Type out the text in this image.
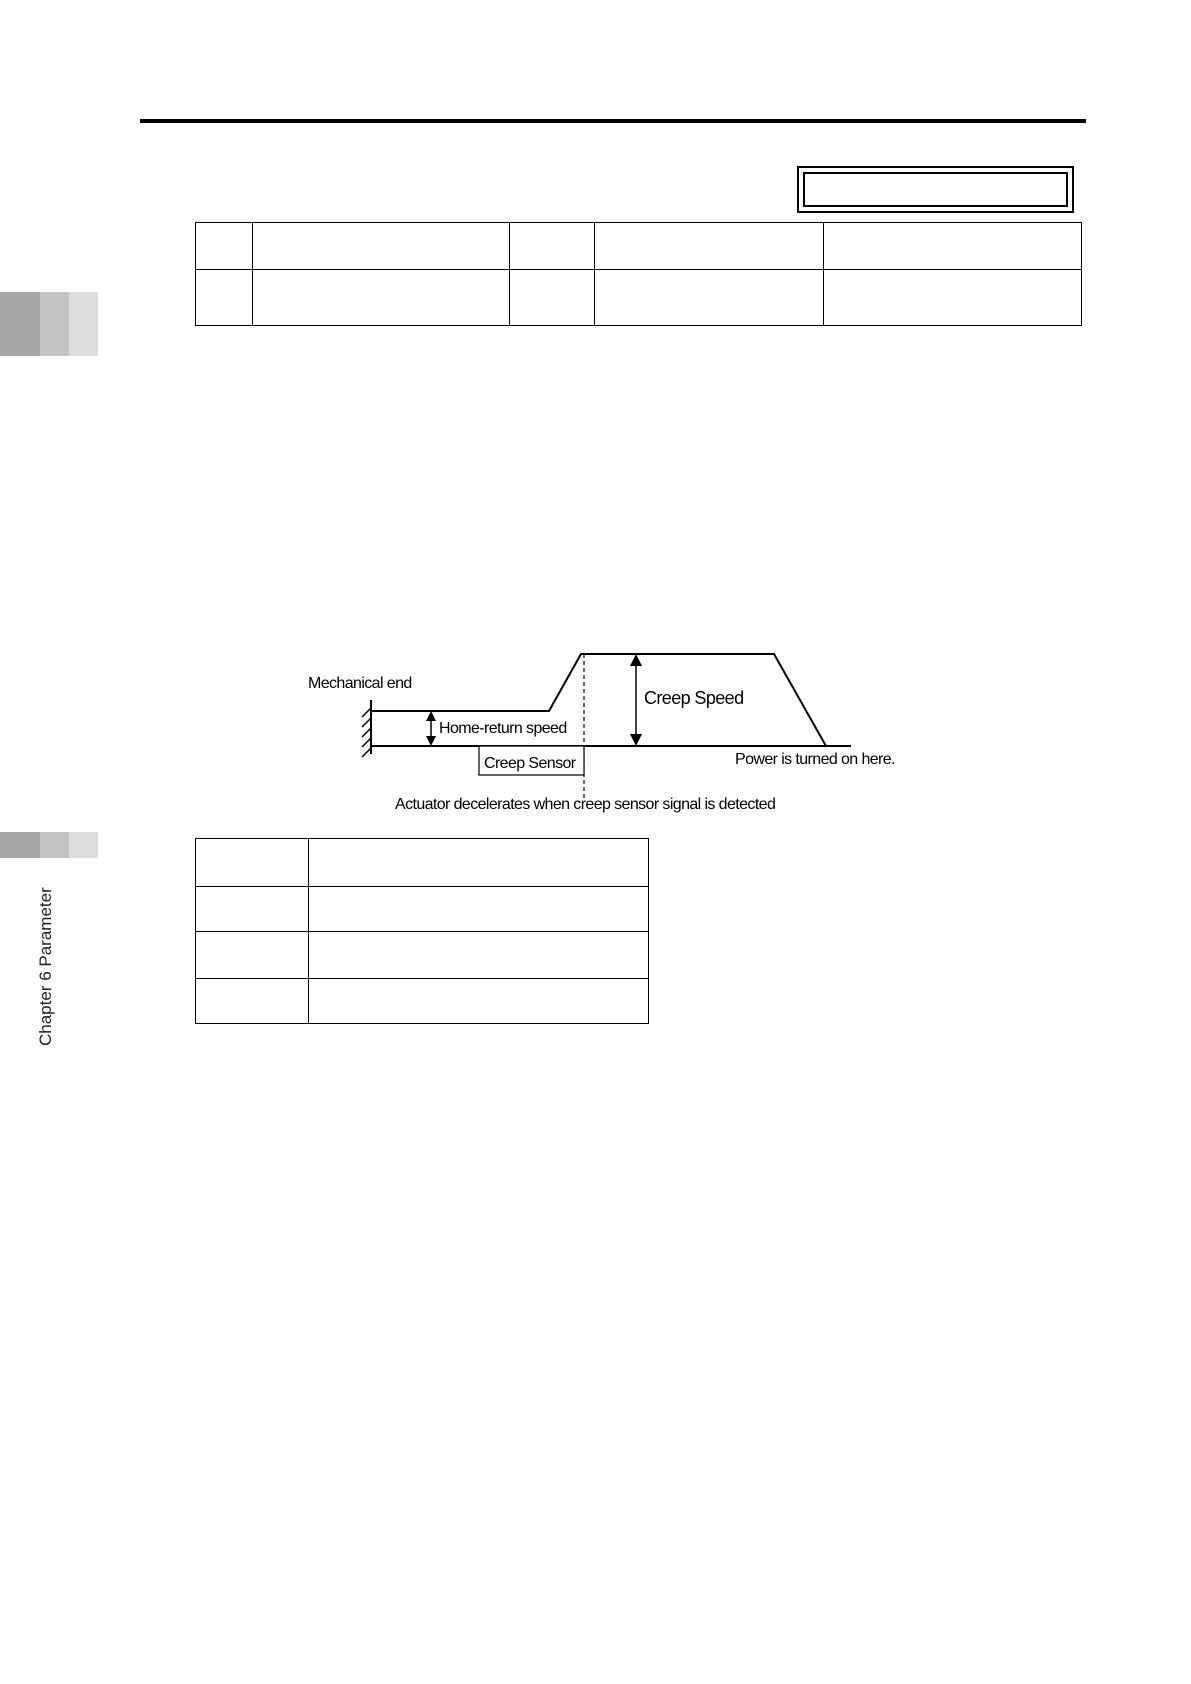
Chapter 6 Parameter
Mechanical end
Home-return speed
Creep Speed
Creep Sensor	Power is turned on here.
Actuator decelerates when creep sensor signal is detected
